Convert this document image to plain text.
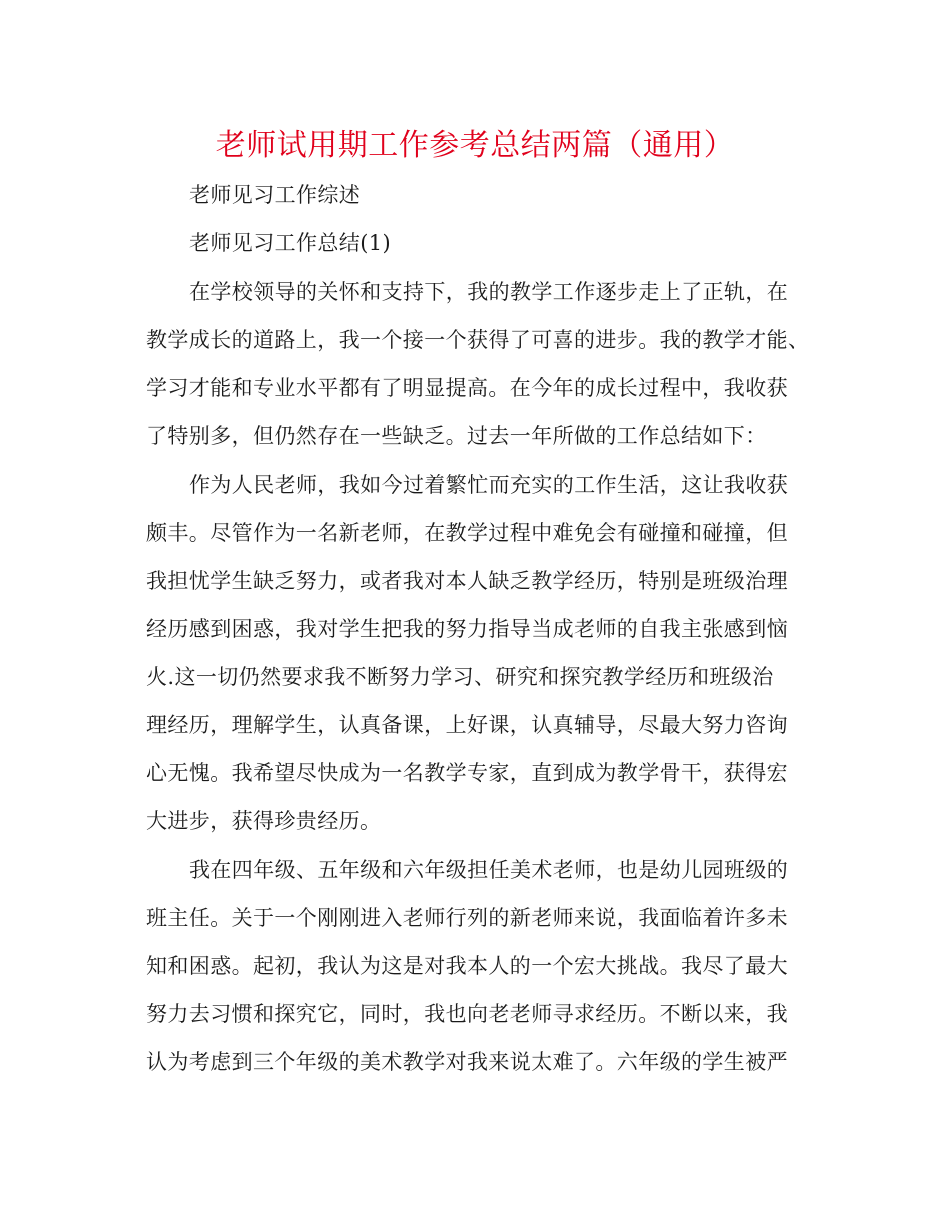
老师试用期工作参考总结两篇（通用）

老师见习工作综述

老师见习工作总结(1)

在学校领导的关怀和支持下，我的教学工作逐步走上了正轨，在

教学成长的道路上，我一个接一个获得了可喜的进步。我的教学才能、

学习才能和专业水平都有了明显提高。在今年的成长过程中，我收获

了特别多，但仍然存在一些缺乏。过去一年所做的工作总结如下：

作为人民老师，我如今过着繁忙而充实的工作生活，这让我收获

颇丰。尽管作为一名新老师，在教学过程中难免会有碰撞和碰撞，但

我担忧学生缺乏努力，或者我对本人缺乏教学经历，特别是班级治理

经历感到困惑，我对学生把我的努力指导当成老师的自我主张感到恼

火.这一切仍然要求我不断努力学习、研究和探究教学经历和班级治

理经历，理解学生，认真备课，上好课，认真辅导，尽最大努力咨询

心无愧。我希望尽快成为一名教学专家，直到成为教学骨干，获得宏

大进步，获得珍贵经历。

我在四年级、五年级和六年级担任美术老师，也是幼儿园班级的

班主任。关于一个刚刚进入老师行列的新老师来说，我面临着许多未

知和困惑。起初，我认为这是对我本人的一个宏大挑战。我尽了最大

努力去习惯和探究它，同时，我也向老老师寻求经历。不断以来，我

认为考虑到三个年级的美术教学对我来说太难了。六年级的学生被严
